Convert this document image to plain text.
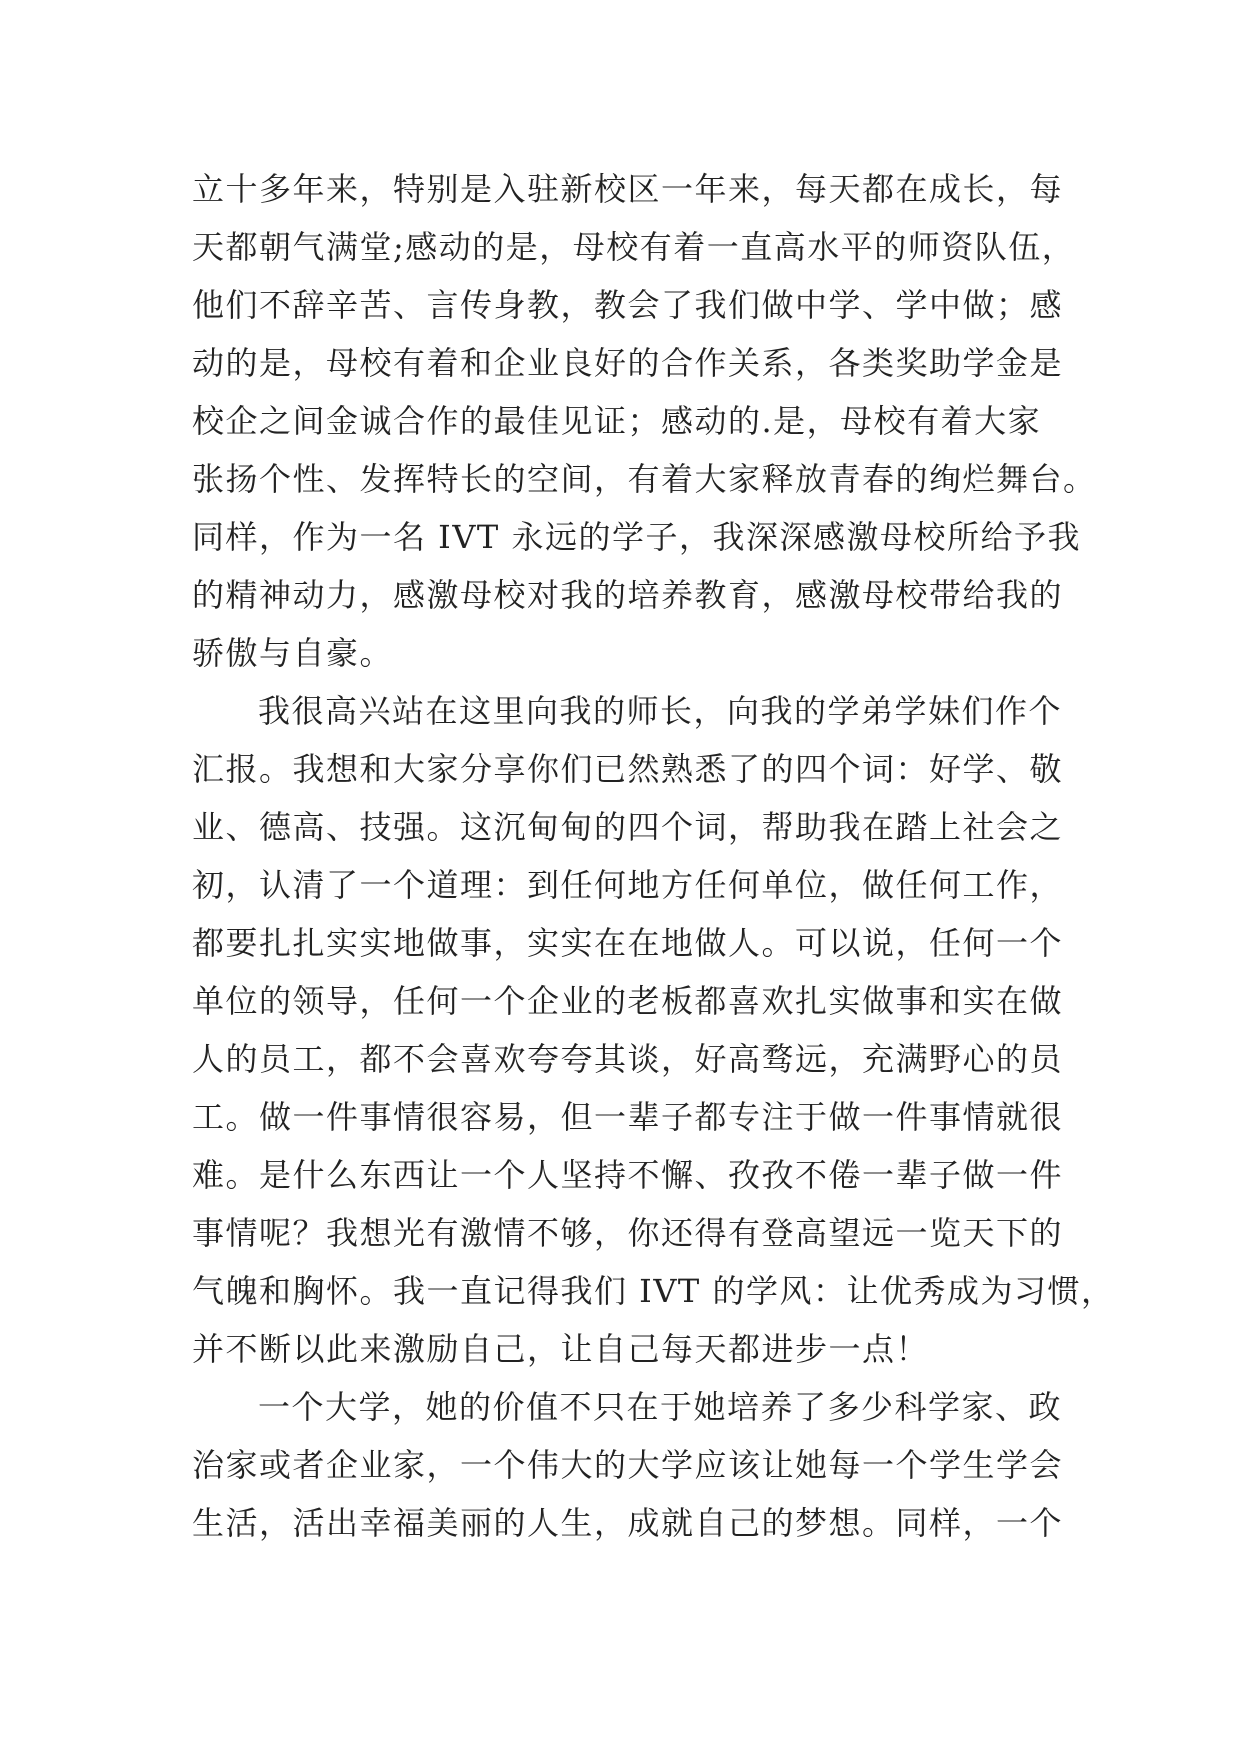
立十多年来，特别是入驻新校区一年来，每天都在成长，每
天都朝气满堂;感动的是，母校有着一直高水平的师资队伍，
他们不辞辛苦、言传身教，教会了我们做中学、学中做；感
动的是，母校有着和企业良好的合作关系，各类奖助学金是
校企之间金诚合作的最佳见证；感动的.是，母校有着大家
张扬个性、发挥特长的空间，有着大家释放青春的绚烂舞台。
同样，作为一名 IVT 永远的学子，我深深感激母校所给予我
的精神动力，感激母校对我的培养教育，感激母校带给我的
骄傲与自豪。
我很高兴站在这里向我的师长，向我的学弟学妹们作个
汇报。我想和大家分享你们已然熟悉了的四个词：好学、敬
业、德高、技强。这沉甸甸的四个词，帮助我在踏上社会之
初，认清了一个道理：到任何地方任何单位，做任何工作，
都要扎扎实实地做事，实实在在地做人。可以说，任何一个
单位的领导，任何一个企业的老板都喜欢扎实做事和实在做
人的员工，都不会喜欢夸夸其谈，好高骛远，充满野心的员
工。做一件事情很容易，但一辈子都专注于做一件事情就很
难。是什么东西让一个人坚持不懈、孜孜不倦一辈子做一件
事情呢？我想光有激情不够，你还得有登高望远一览天下的
气魄和胸怀。我一直记得我们 IVT 的学风：让优秀成为习惯，
并不断以此来激励自己，让自己每天都进步一点！
一个大学，她的价值不只在于她培养了多少科学家、政
治家或者企业家，一个伟大的大学应该让她每一个学生学会
生活，活出幸福美丽的人生，成就自己的梦想。同样，一个
